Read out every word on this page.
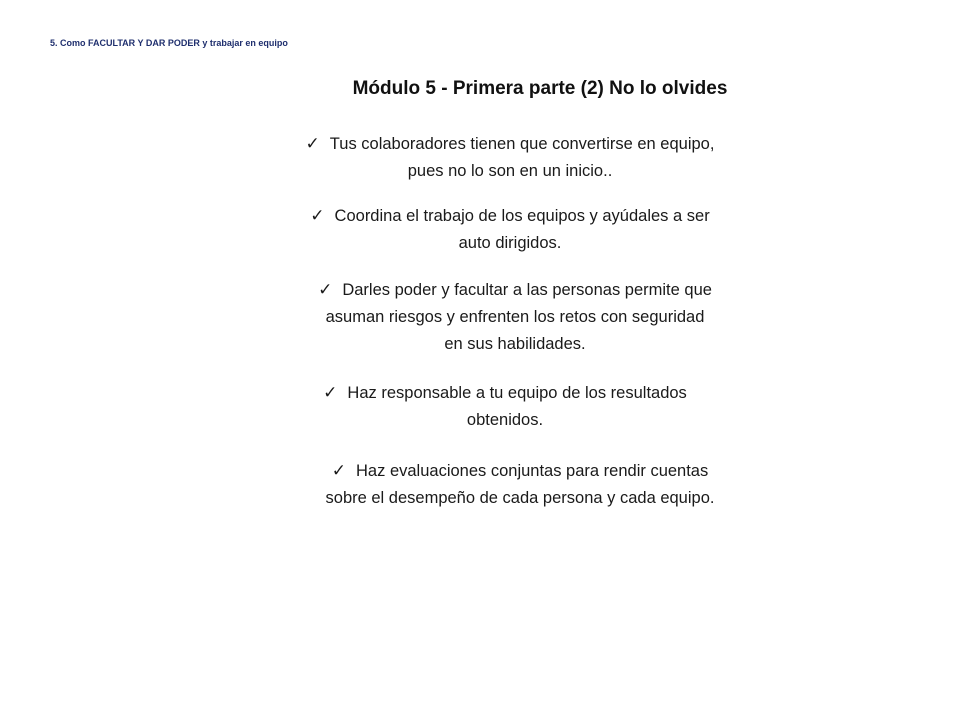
5. Como FACULTAR Y DAR PODER y trabajar en equipo
Módulo 5 - Primera parte (2) No lo olvides
✓ Tus colaboradores tienen que convertirse en equipo,
pues no lo son en un inicio..
✓ Coordina el trabajo de los equipos y ayúdales a ser
auto dirigidos.
✓ Darles poder y facultar a las personas permite que
asuman riesgos y enfrenten los retos con seguridad
en sus habilidades.
✓ Haz responsable a tu equipo de los resultados
obtenidos.
✓ Haz evaluaciones conjuntas para rendir cuentas
sobre el desempeño de cada persona y cada equipo.
